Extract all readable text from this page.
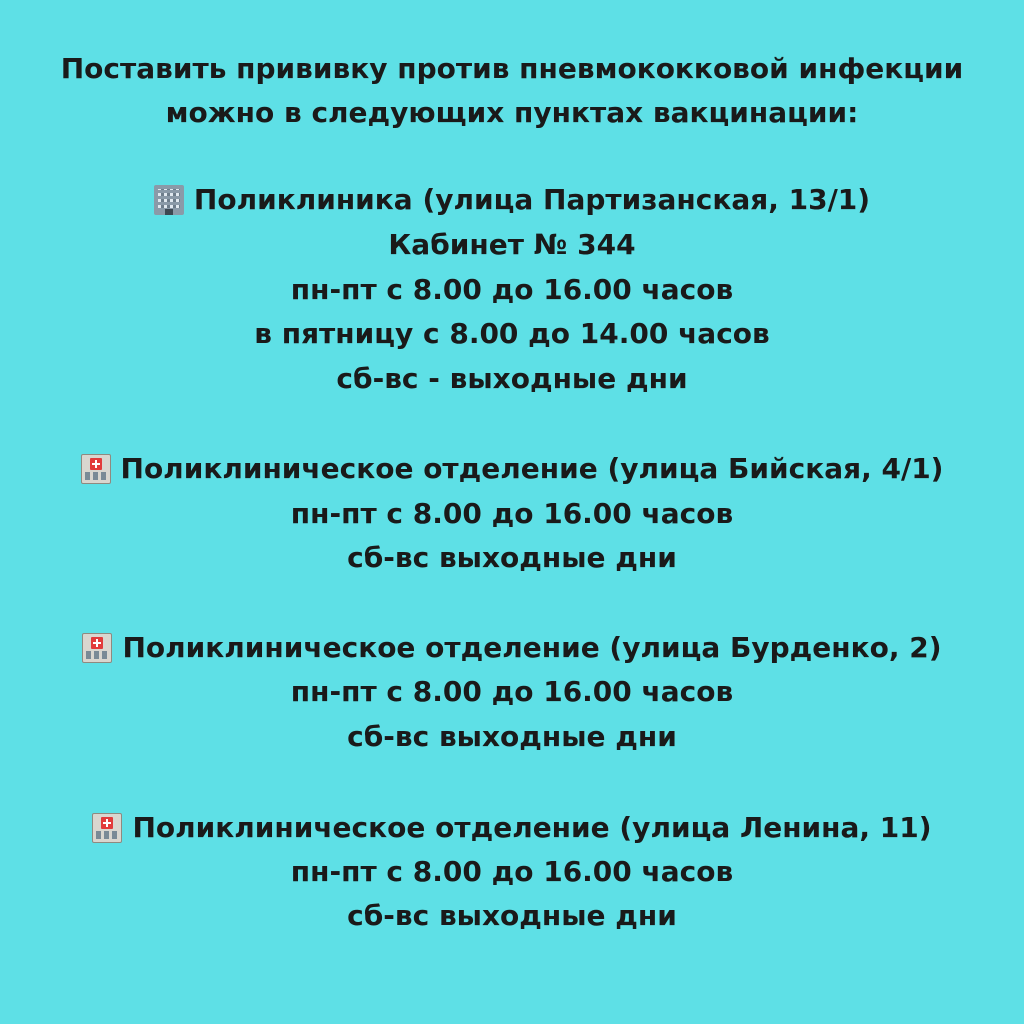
Поставить прививку против пневмококковой инфекции
можно в следующих пунктах вакцинации:
Поликлиника (улица Партизанская, 13/1)
Кабинет № 344
пн-пт с 8.00 до 16.00 часов
в пятницу с 8.00 до 14.00 часов
сб-вс - выходные дни
Поликлиническое отделение (улица Бийская, 4/1)
пн-пт с 8.00 до 16.00 часов
сб-вс выходные дни
Поликлиническое отделение (улица Бурденко, 2)
пн-пт с 8.00 до 16.00 часов
сб-вс выходные дни
Поликлиническое отделение (улица Ленина, 11)
пн-пт с 8.00 до 16.00 часов
сб-вс выходные дни
